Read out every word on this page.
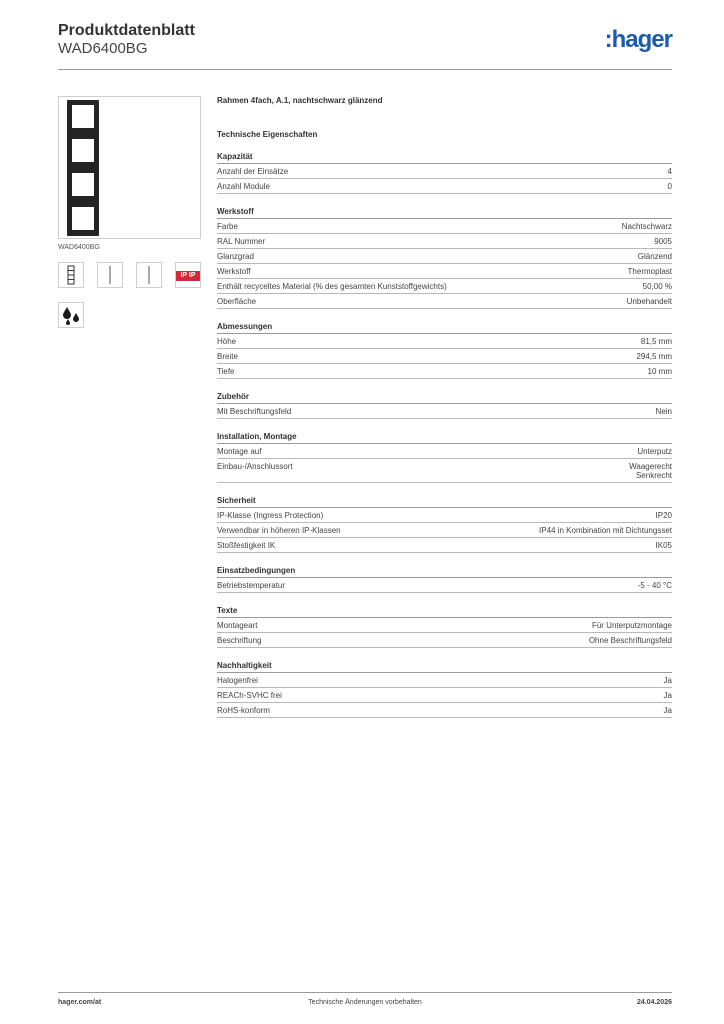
Produktdatenblatt
WAD6400BG	:hager
WAD6400BG
IP IP
Rahmen 4fach, A.1, nachtschwarz glänzend
Technische Eigenschaften
Kapazität
Anzahl der Einsätze	4
Anzahl Module	0
Werkstoff
Farbe	Nachtschwarz
RAL Nummer	9005
Glanzgrad	Glänzend
Werkstoff	Thermoplast
Enthält recyceltes Material (% des gesamten Kunststoffgewichts)	50,00 %
Oberfläche	Unbehandelt
Abmessungen
Höhe	81,5 mm
Breite	294,5 mm
Tiefe	10 mm
Zubehör
Mit Beschriftungsfeld	Nein
Installation, Montage
Montage auf	Unterputz
Einbau-/Anschlussort	Waagerecht
Senkrecht
Sicherheit
IP-Klasse (Ingress Protection)	IP20
Verwendbar in höheren IP-Klassen	IP44 in Kombination mit Dichtungsset
Stoßfestigkeit IK	IK05
Einsatzbedingungen
Betriebstemperatur	-5 - 40 °C
Texte
Montageart	Für Unterputzmontage
Beschriftung	Ohne Beschriftungsfeld
Nachhaltigkeit
Halogenfrei	Ja
REACh-SVHC frei	Ja
RoHS-konform	Ja
hager.com/at	Technische Änderungen vorbehalten	24.04.2026
